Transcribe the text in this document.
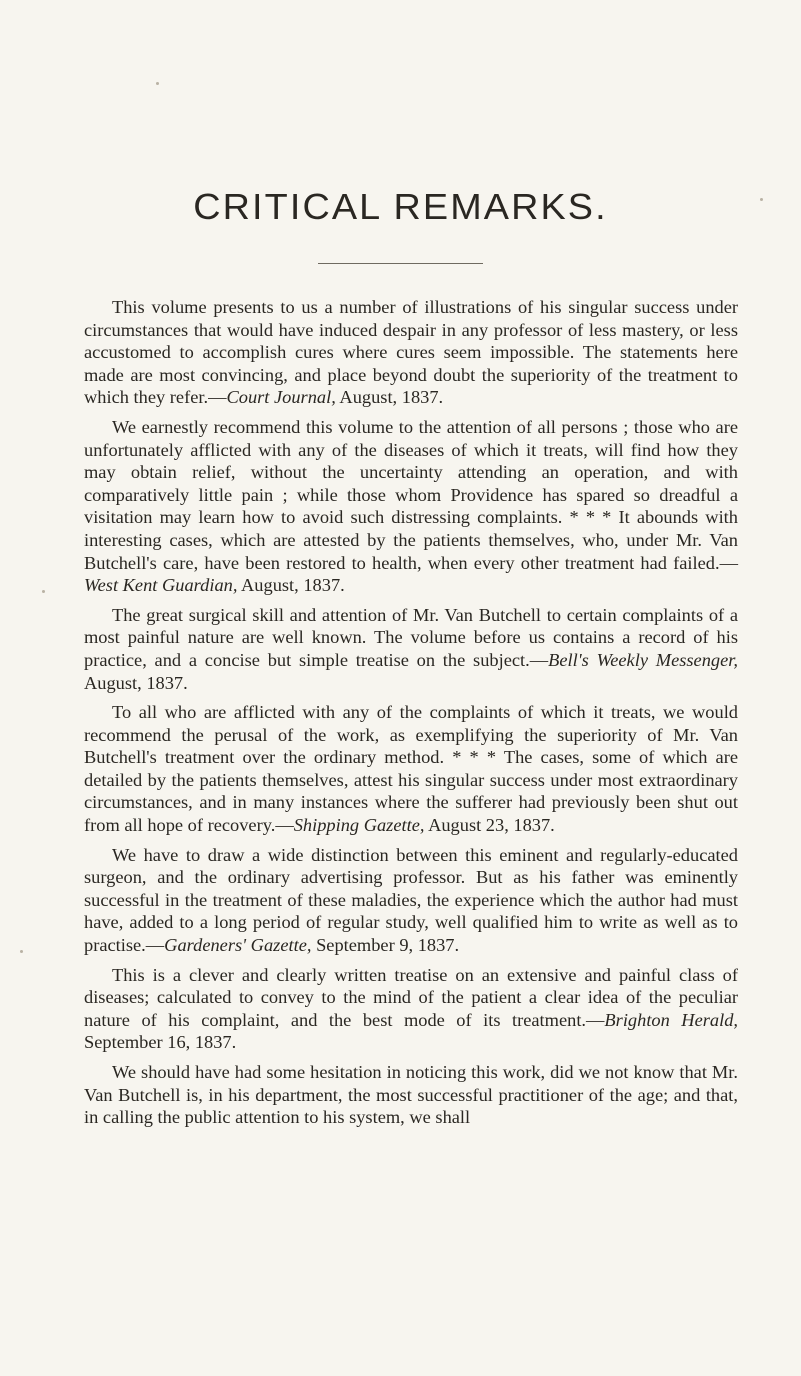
CRITICAL REMARKS.

This volume presents to us a number of illustrations of his singular success under circumstances that would have induced despair in any professor of less mastery, or less accustomed to accomplish cures where cures seem impossible. The statements here made are most convincing, and place beyond doubt the superiority of the treatment to which they refer.—Court Journal, August, 1837.

We earnestly recommend this volume to the attention of all persons ; those who are unfortunately afflicted with any of the diseases of which it treats, will find how they may obtain relief, without the uncertainty attending an operation, and with comparatively little pain ; while those whom Providence has spared so dreadful a visitation may learn how to avoid such distressing complaints. * * * It abounds with interesting cases, which are attested by the patients themselves, who, under Mr. Van Butchell's care, have been restored to health, when every other treatment had failed.—West Kent Guardian, August, 1837.

The great surgical skill and attention of Mr. Van Butchell to certain complaints of a most painful nature are well known. The volume before us contains a record of his practice, and a concise but simple treatise on the subject.—Bell's Weekly Messenger, August, 1837.

To all who are afflicted with any of the complaints of which it treats, we would recommend the perusal of the work, as exemplifying the superiority of Mr. Van Butchell's treatment over the ordinary method. * * * The cases, some of which are detailed by the patients themselves, attest his singular success under most extraordinary circumstances, and in many instances where the sufferer had previously been shut out from all hope of recovery.—Shipping Gazette, August 23, 1837.

We have to draw a wide distinction between this eminent and regularly-educated surgeon, and the ordinary advertising professor. But as his father was eminently successful in the treatment of these maladies, the experience which the author had must have, added to a long period of regular study, well qualified him to write as well as to practise.—Gardeners' Gazette, September 9, 1837.

This is a clever and clearly written treatise on an extensive and painful class of diseases; calculated to convey to the mind of the patient a clear idea of the peculiar nature of his complaint, and the best mode of its treatment.—Brighton Herald, September 16, 1837.

We should have had some hesitation in noticing this work, did we not know that Mr. Van Butchell is, in his department, the most successful practitioner of the age; and that, in calling the public attention to his system, we shall
